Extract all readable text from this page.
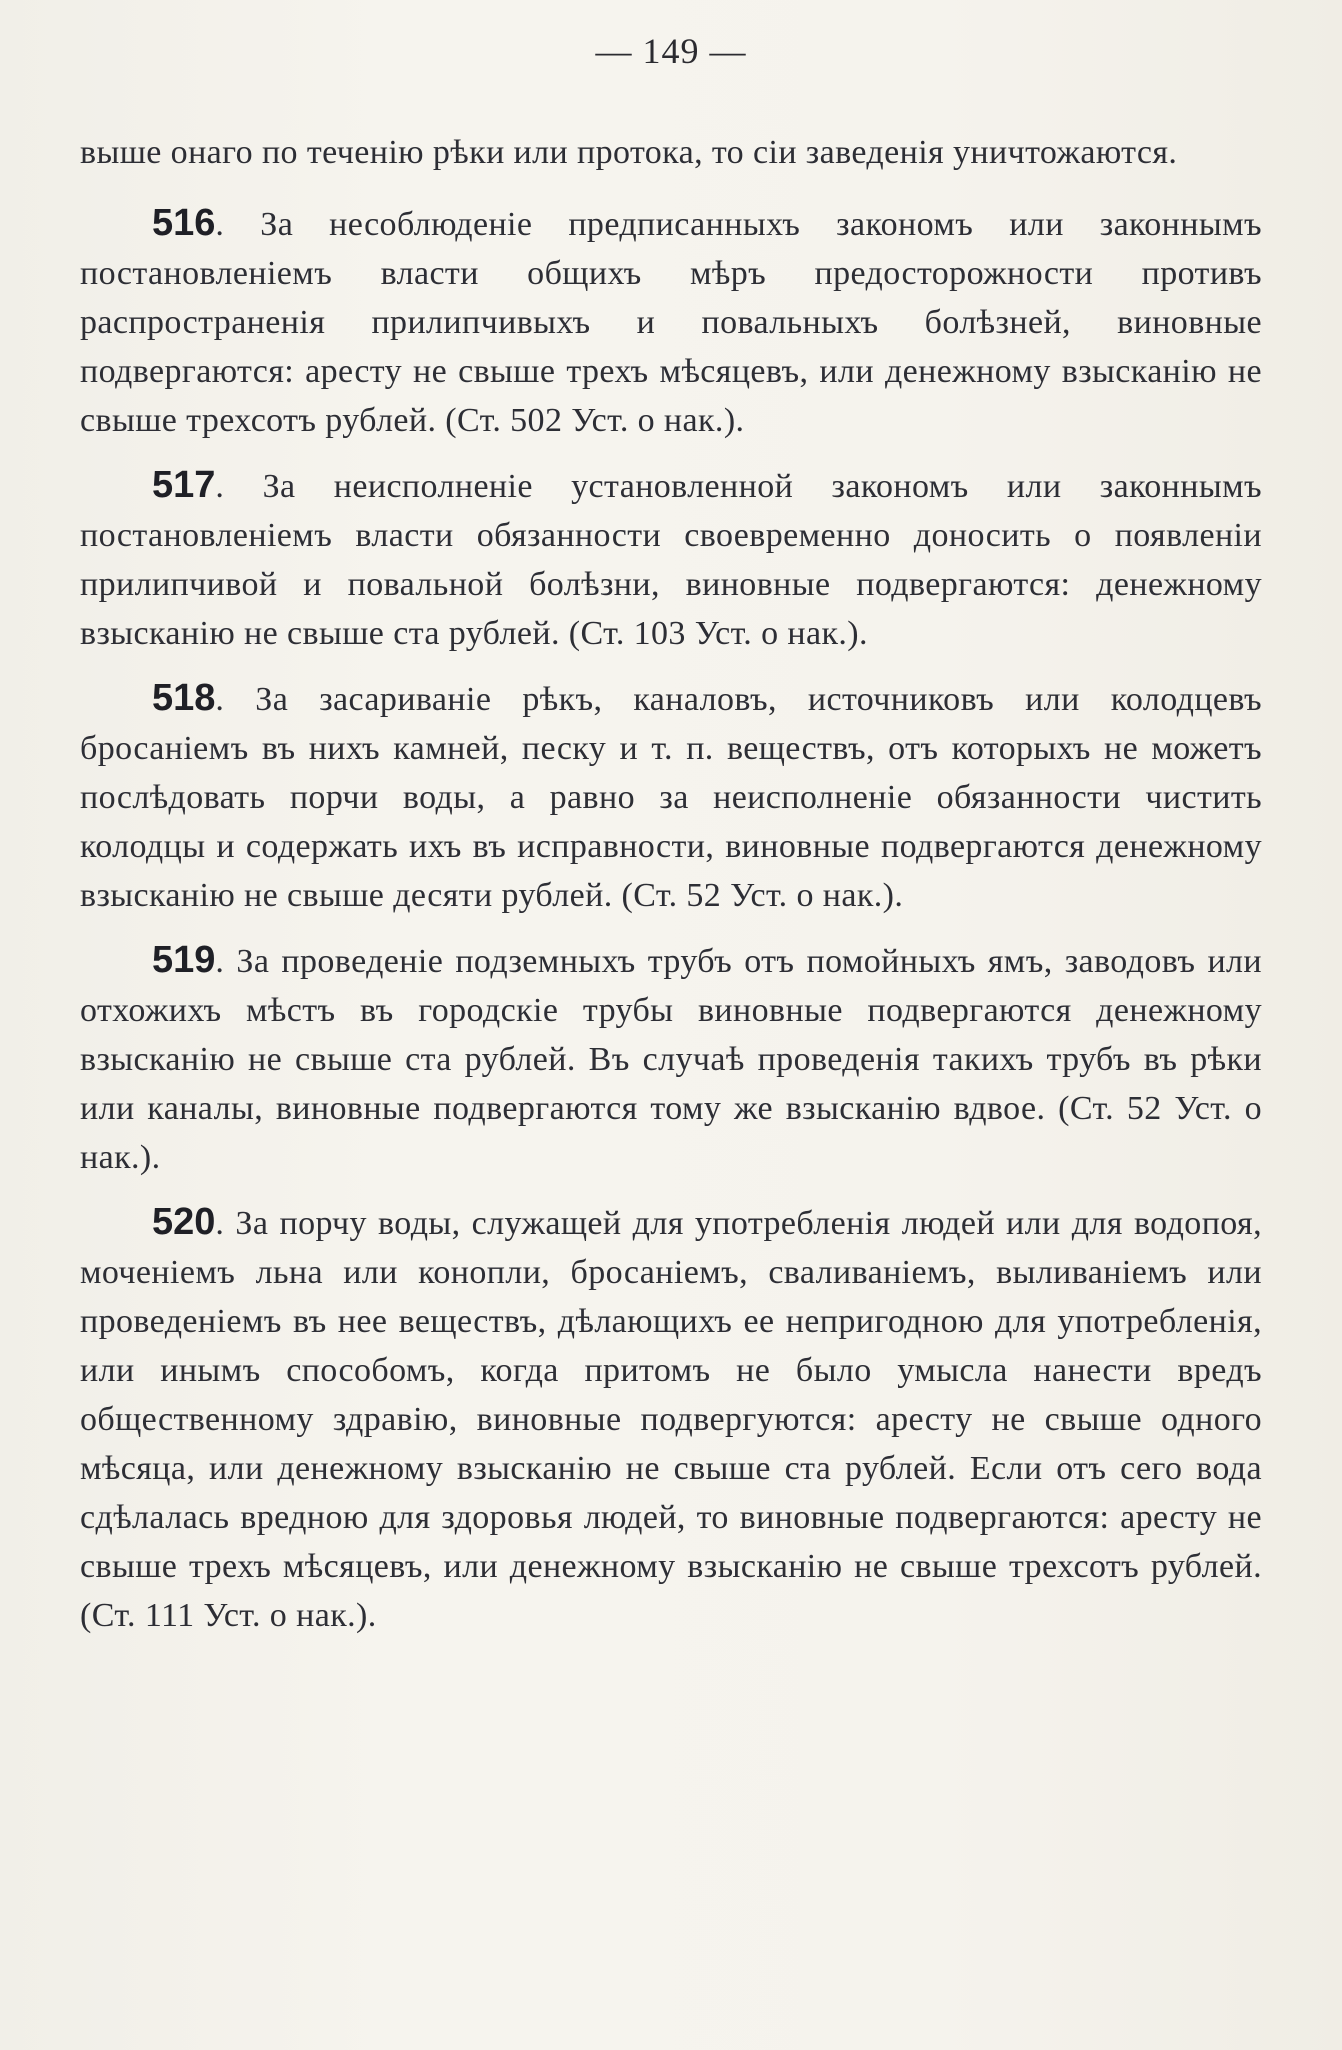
— 149 —

выше онаго по теченію рѣки или протока, то сіи заведенія уничтожаются.

516. За несоблюденіе предписанныхъ закономъ или законнымъ постановленіемъ власти общихъ мѣръ предосторожности противъ распространенія прилипчивыхъ и повальныхъ болѣзней, виновные подвергаются: аресту не свыше трехъ мѣсяцевъ, или денежному взысканію не свыше трехсотъ рублей. (Ст. 502 Уст. о нак.).

517. За неисполненіе установленной закономъ или законнымъ постановленіемъ власти обязанности своевременно доносить о появленіи прилипчивой и повальной болѣзни, виновные подвергаются: денежному взысканію не свыше ста рублей. (Ст. 103 Уст. о нак.).

518. За засариваніе рѣкъ, каналовъ, источниковъ или колодцевъ бросаніемъ въ нихъ камней, песку и т. п. веществъ, отъ которыхъ не можетъ послѣдовать порчи воды, а равно за неисполненіе обязанности чистить колодцы и содержать ихъ въ исправности, виновные подвергаются денежному взысканію не свыше десяти рублей. (Ст. 52 Уст. о нак.).

519. За проведеніе подземныхъ трубъ отъ помойныхъ ямъ, заводовъ или отхожихъ мѣстъ въ городскіе трубы виновные подвергаются денежному взысканію не свыше ста рублей. Въ случаѣ проведенія такихъ трубъ въ рѣки или каналы, виновные подвергаются тому же взысканію вдвое. (Ст. 52 Уст. о нак.).

520. За порчу воды, служащей для употребленія людей или для водопоя, моченіемъ льна или конопли, бросаніемъ, сваливаніемъ, выливаніемъ или проведеніемъ въ нее веществъ, дѣлающихъ ее непригодною для употребленія, или инымъ способомъ, когда притомъ не было умысла нанести вредъ общественному здравію, виновные подвергуются: аресту не свыше одного мѣсяца, или денежному взысканію не свыше ста рублей. Если отъ сего вода сдѣлалась вредною для здоровья людей, то виновные подвергаются: аресту не свыше трехъ мѣсяцевъ, или денежному взысканію не свыше трехсотъ рублей. (Ст. 111 Уст. о нак.).
